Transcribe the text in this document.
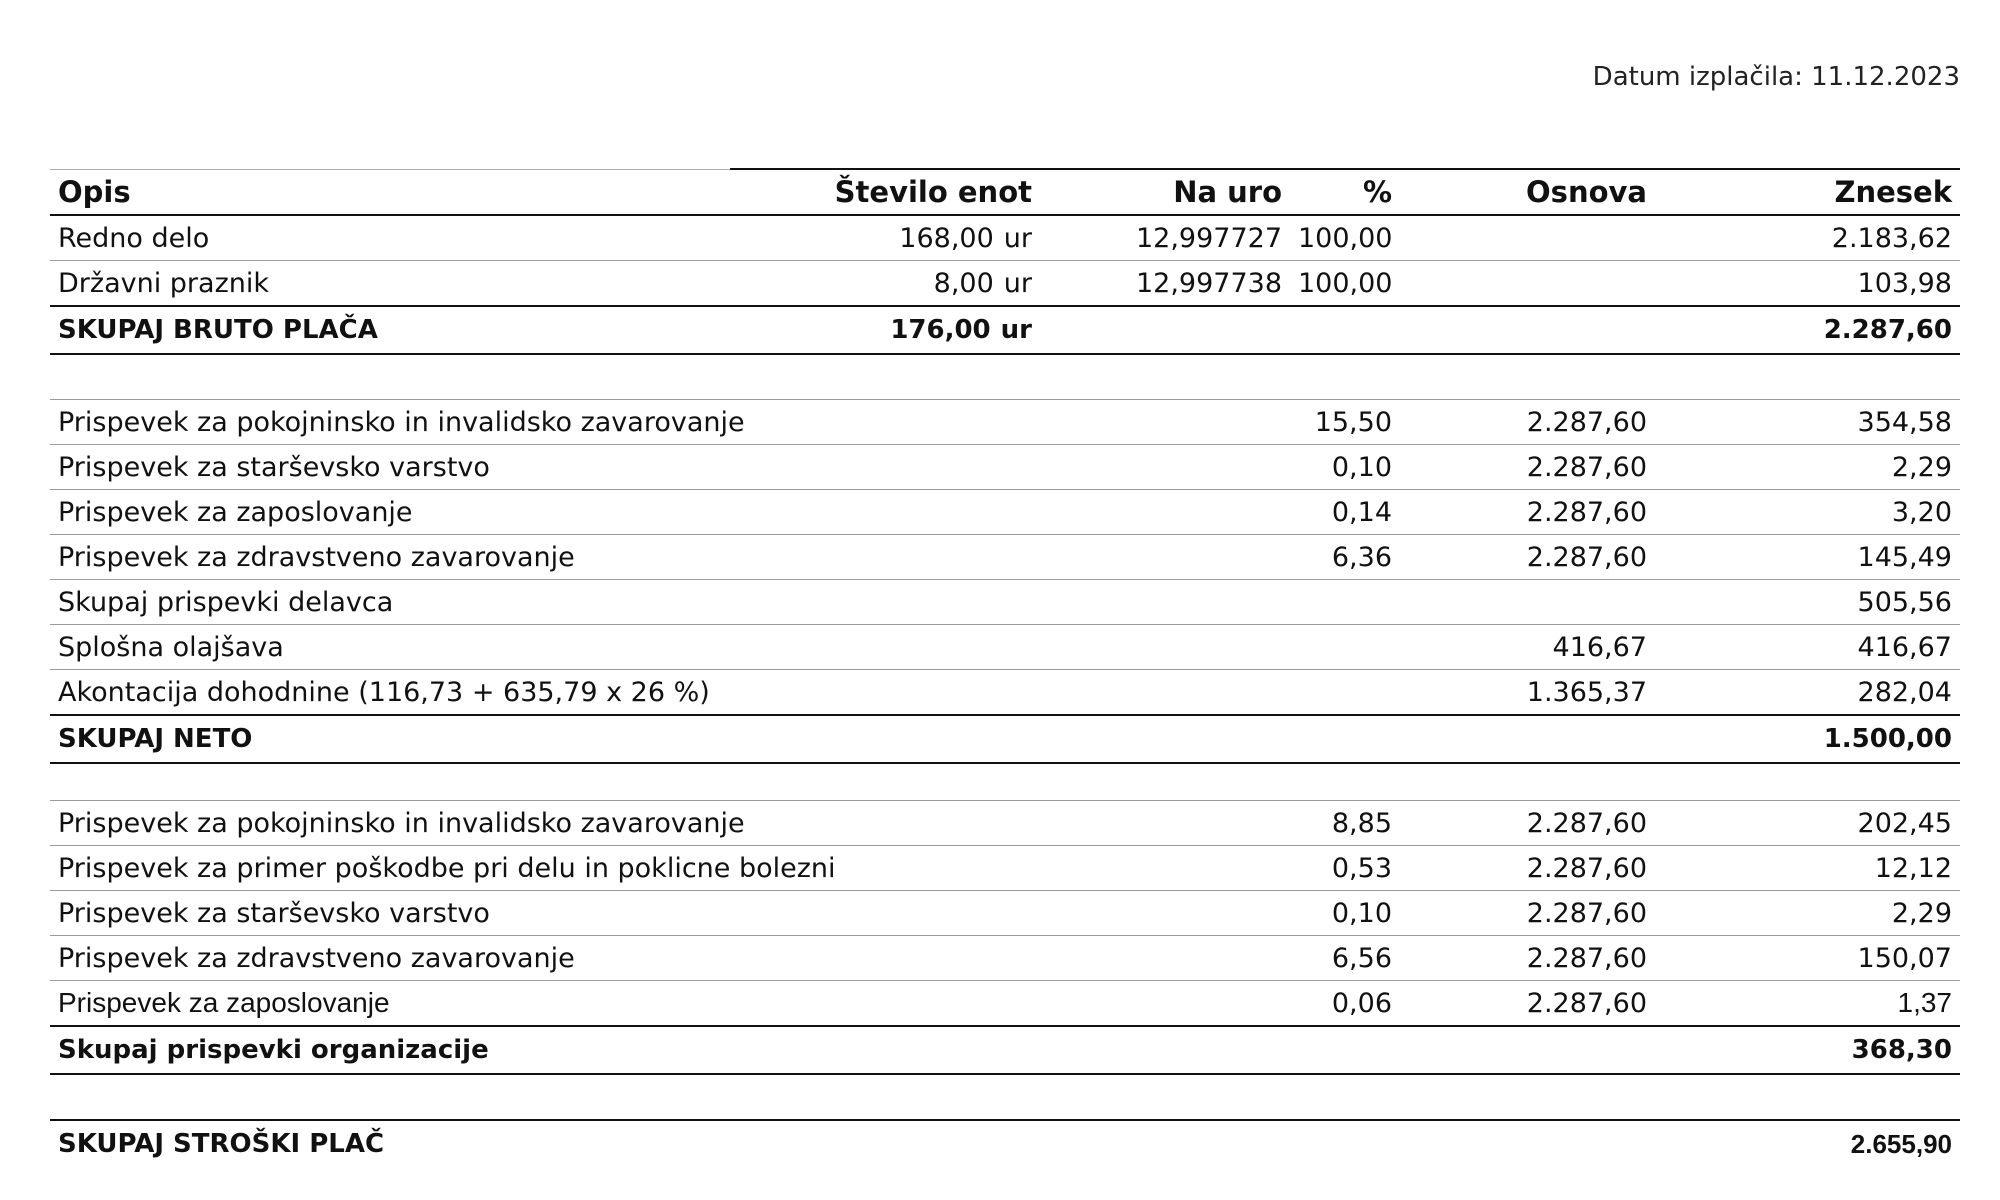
Datum izplačila: 11.12.2023
Opis	Število enot	Na uro	%	Osnova	Znesek
Redno delo	168,00 ur	12,997727	100,00		2.183,62
Državni praznik	8,00 ur	12,997738	100,00		103,98
SKUPAJ BRUTO PLAČA	176,00 ur				2.287,60

Prispevek za pokojninsko in invalidsko zavarovanje			15,50	2.287,60	354,58
Prispevek za starševsko varstvo			0,10	2.287,60	2,29
Prispevek za zaposlovanje			0,14	2.287,60	3,20
Prispevek za zdravstveno zavarovanje			6,36	2.287,60	145,49
Skupaj prispevki delavca					505,56
Splošna olajšava				416,67	416,67
Akontacija dohodnine (116,73 + 635,79 x 26 %)				1.365,37	282,04
SKUPAJ NETO					1.500,00

Prispevek za pokojninsko in invalidsko zavarovanje			8,85	2.287,60	202,45
Prispevek za primer poškodbe pri delu in poklicne bolezni			0,53	2.287,60	12,12
Prispevek za starševsko varstvo			0,10	2.287,60	2,29
Prispevek za zdravstveno zavarovanje			6,56	2.287,60	150,07
Prispevek za zaposlovanje			0,06	2.287,60	1,37
Skupaj prispevki organizacije					368,30

SKUPAJ STROŠKI PLAČ					2.655,90
